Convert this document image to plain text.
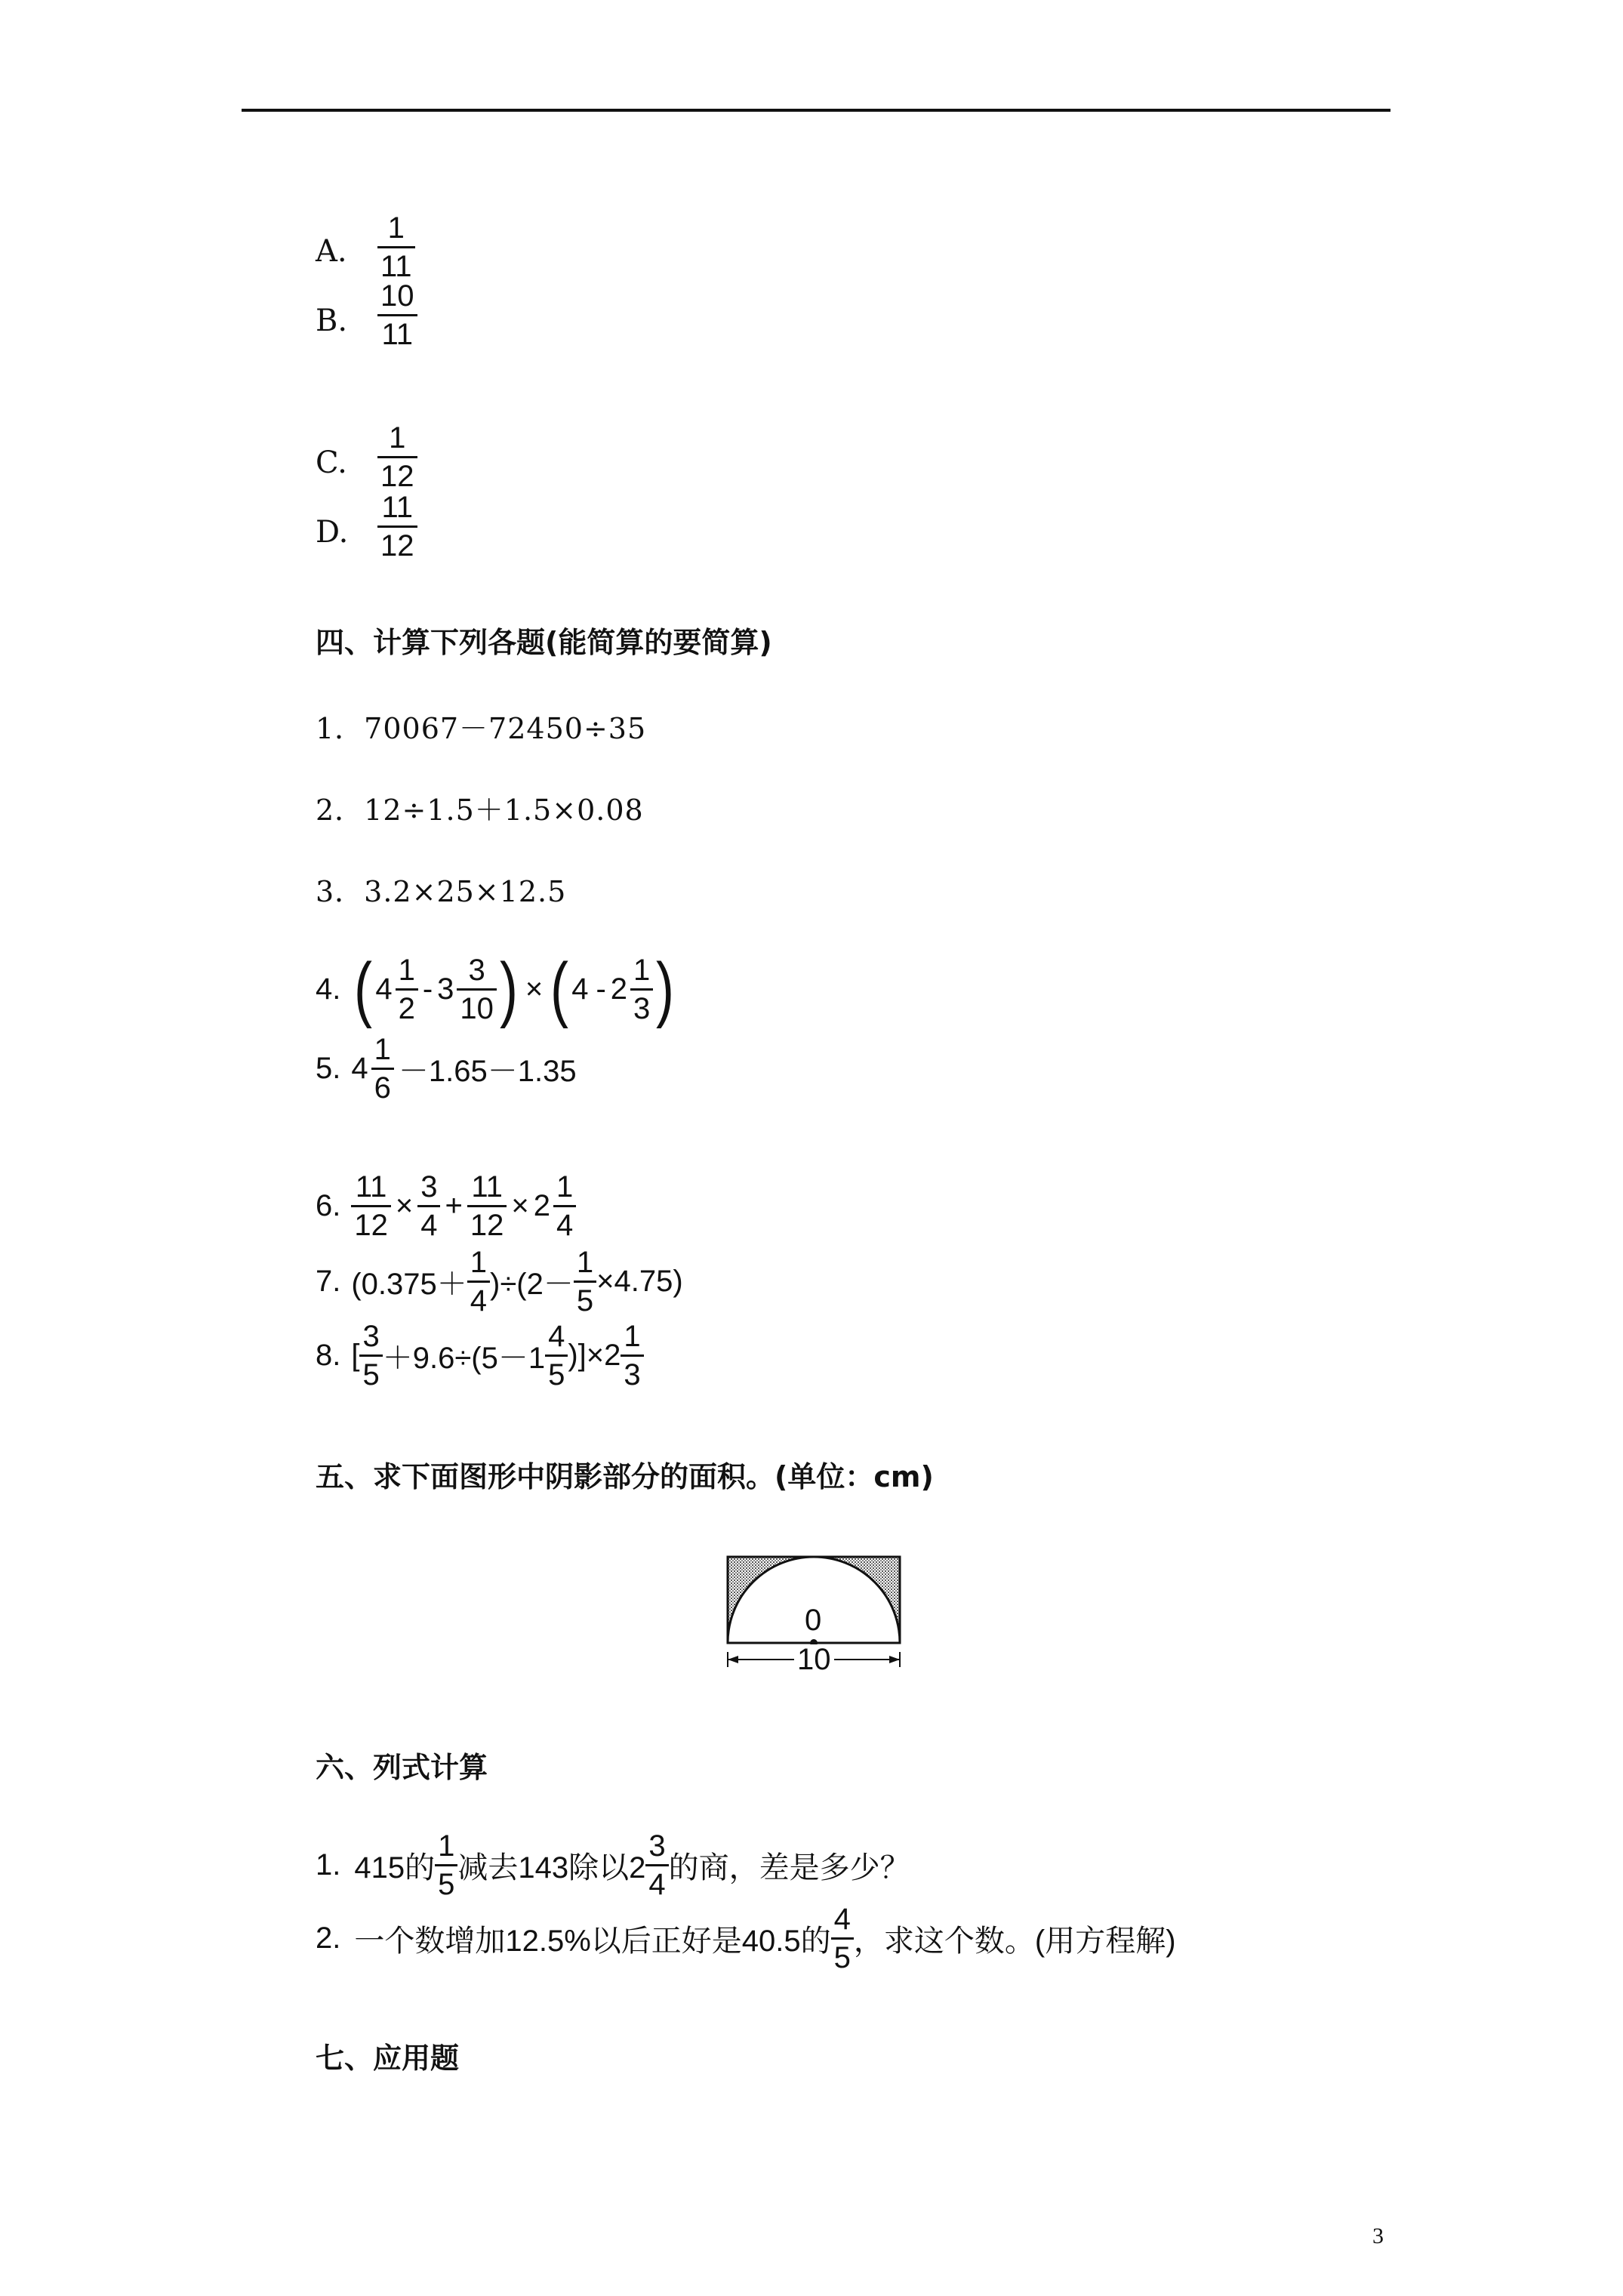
A. $\frac{1}{11}$
B. $\frac{10}{11}$
C. $\frac{1}{12}$
D. $\frac{11}{12}$
四、计算下列各题(能简算的要简算)
1．70067－72450÷35
2．12÷1.5＋1.5×0.08
3．3.2×25×12.5
4. ( $4 \frac{1}{2} - 3 \frac{3}{10}$ ) × ( $4 - 2 \frac{1}{3}$ )
5. $4 \frac{1}{6} -1.65-1.35$
6. $\frac{11}{12} \times \frac{3}{4} + \frac{11}{12} \times 2 \frac{1}{4}$
7. $(0.375+ \frac{1}{4} )\div(2- \frac{1}{5} \times 4.75)$
8. [ $\frac{3}{5} +9.6\div(5-1 \frac{4}{5} )]\times 2 \frac{1}{3}$
五、求下面图形中阴影部分的面积。(单位：cm)
0
10
六、列式计算
1. 415的 $\frac{1}{5}$ 减去143除以$2 \frac{3}{4}$ 的商，差是多少？
2. 一个数增加12.5%以后正好是40.5的 $\frac{4}{5}$ ，求这个数。(用方程解)
七、应用题
3
